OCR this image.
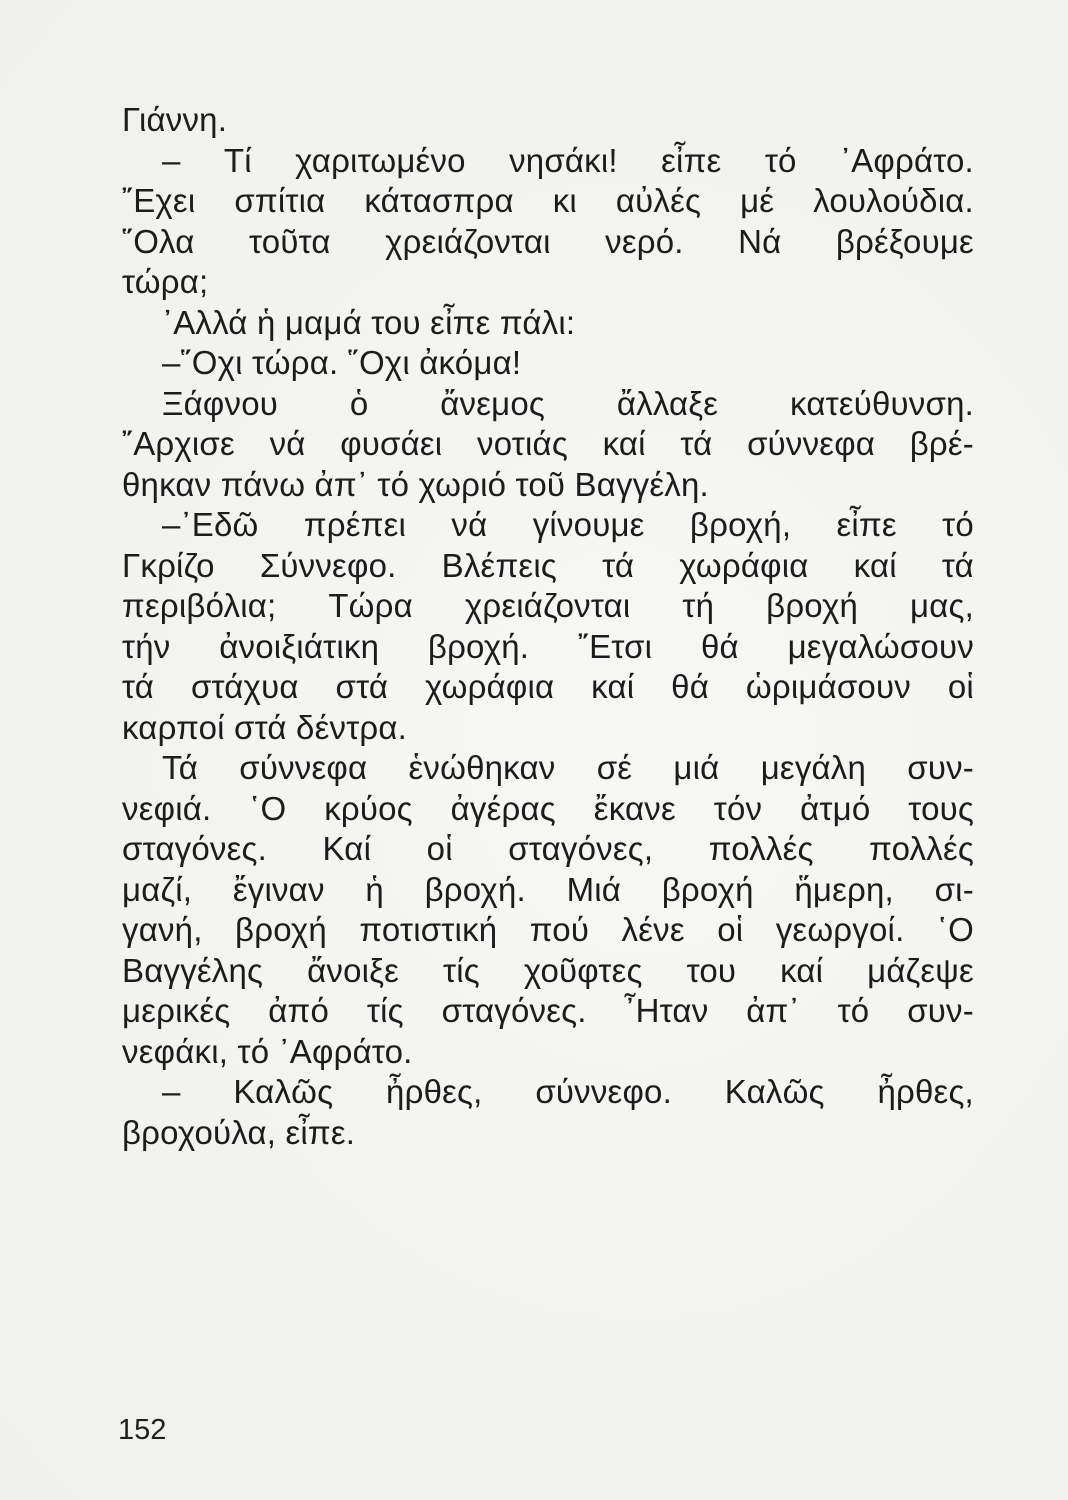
Γιάννη.
– Τί χαριτωμένο νησάκι! εἶπε τό ᾿Αφράτο.
῎Εχει σπίτια κάτασπρα κι αὐλές μέ λουλούδια.
῞Ολα τοῦτα χρειάζονται νερό. Νά βρέξουμε
τώρα;
᾿Αλλά ἡ μαμά του εἶπε πάλι:
–῞Οχι τώρα. ῞Οχι ἀκόμα!
Ξάφνου ὁ ἄνεμος ἄλλαξε κατεύθυνση.
῎Αρχισε νά φυσάει νοτιάς καί τά σύννεφα βρέ-
θηκαν πάνω ἀπ᾿ τό χωριό τοῦ Βαγγέλη.
–᾿Εδῶ πρέπει νά γίνουμε βροχή, εἶπε τό
Γκρίζο Σύννεφο. Βλέπεις τά χωράφια καί τά
περιβόλια; Τώρα χρειάζονται τή βροχή μας,
τήν ἀνοιξιάτικη βροχή. ῎Ετσι θά μεγαλώσουν
τά στάχυα στά χωράφια καί θά ὡριμάσουν οἱ
καρποί στά δέντρα.
Τά σύννεφα ἑνώθηκαν σέ μιά μεγάλη συν-
νεφιά. ῾Ο κρύος ἀγέρας ἔκανε τόν ἀτμό τους
σταγόνες. Καί οἱ σταγόνες, πολλές πολλές
μαζί, ἔγιναν ἡ βροχή. Μιά βροχή ἥμερη, σι-
γανή, βροχή ποτιστική πού λένε οἱ γεωργοί. ῾Ο
Βαγγέλης ἄνοιξε τίς χοῦφτες του καί μάζεψε
μερικές ἀπό τίς σταγόνες. ῏Ηταν ἀπ᾿ τό συν-
νεφάκι, τό ᾿Αφράτο.
– Καλῶς ἦρθες, σύννεφο. Καλῶς ἦρθες,
βροχούλα, εἶπε.
152
